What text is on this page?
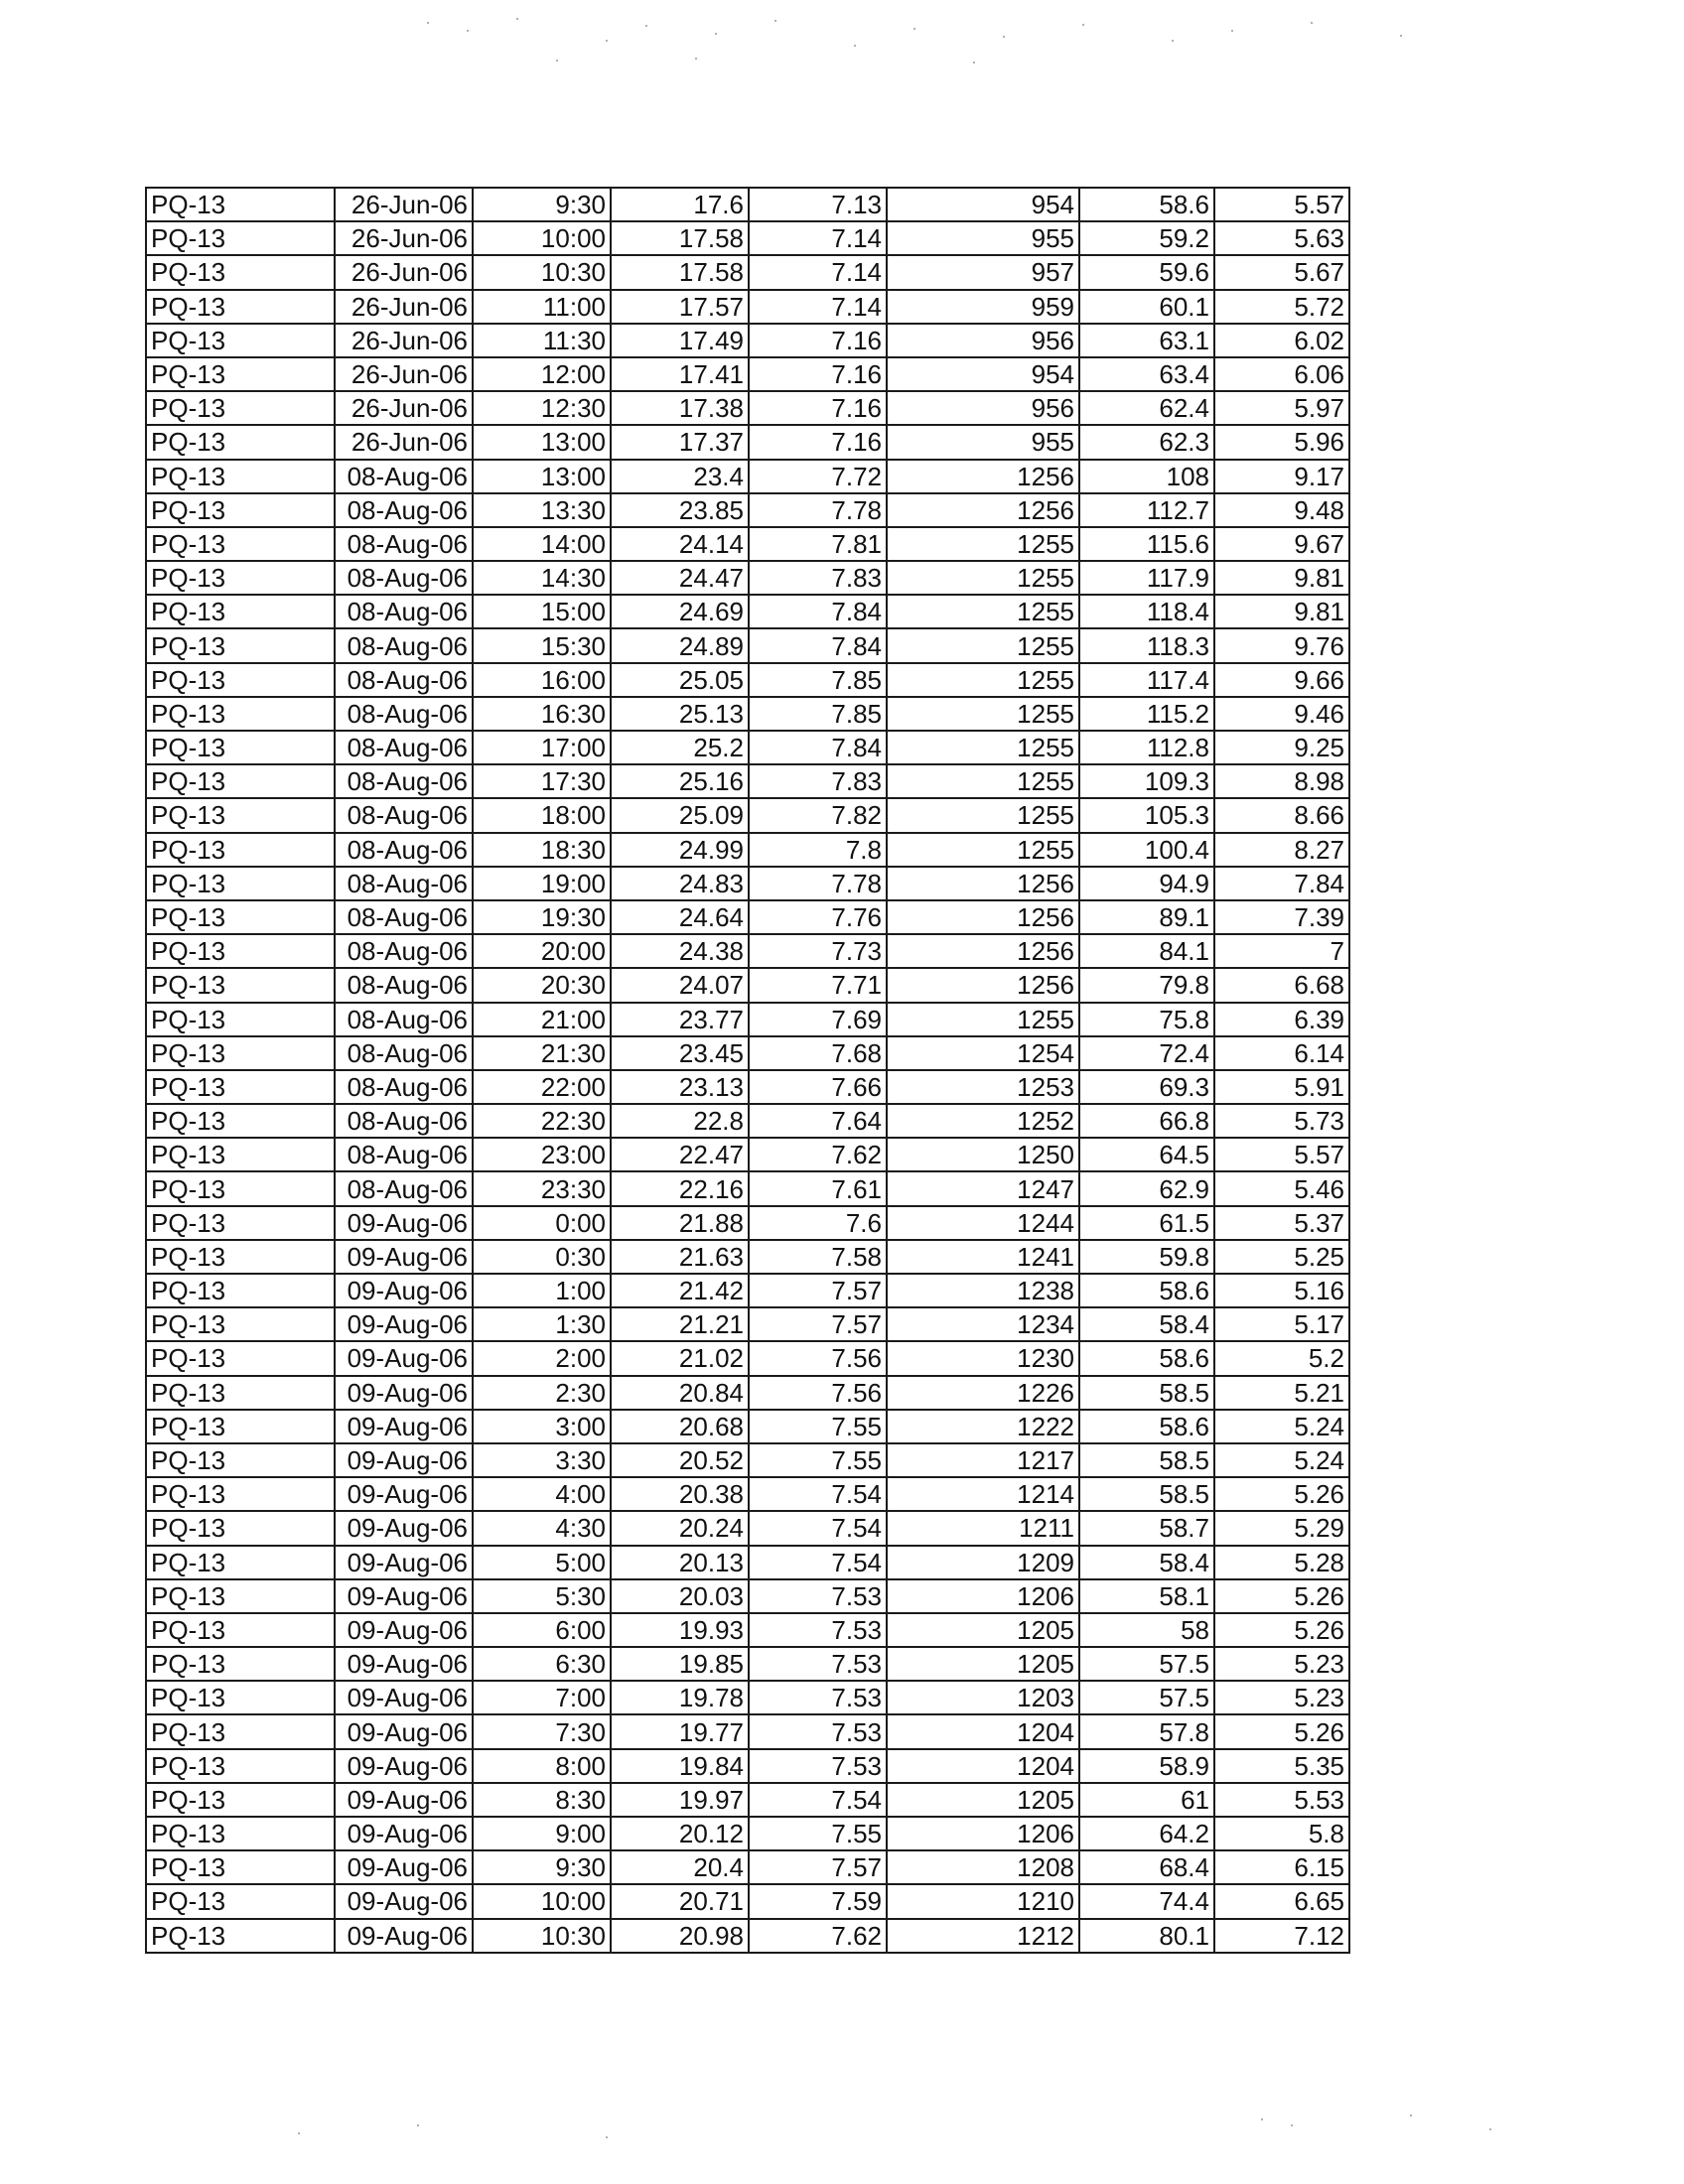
PQ-13	26-Jun-06	9:30	17.6	7.13	954	58.6	5.57
PQ-13	26-Jun-06	10:00	17.58	7.14	955	59.2	5.63
PQ-13	26-Jun-06	10:30	17.58	7.14	957	59.6	5.67
PQ-13	26-Jun-06	11:00	17.57	7.14	959	60.1	5.72
PQ-13	26-Jun-06	11:30	17.49	7.16	956	63.1	6.02
PQ-13	26-Jun-06	12:00	17.41	7.16	954	63.4	6.06
PQ-13	26-Jun-06	12:30	17.38	7.16	956	62.4	5.97
PQ-13	26-Jun-06	13:00	17.37	7.16	955	62.3	5.96
PQ-13	08-Aug-06	13:00	23.4	7.72	1256	108	9.17
PQ-13	08-Aug-06	13:30	23.85	7.78	1256	112.7	9.48
PQ-13	08-Aug-06	14:00	24.14	7.81	1255	115.6	9.67
PQ-13	08-Aug-06	14:30	24.47	7.83	1255	117.9	9.81
PQ-13	08-Aug-06	15:00	24.69	7.84	1255	118.4	9.81
PQ-13	08-Aug-06	15:30	24.89	7.84	1255	118.3	9.76
PQ-13	08-Aug-06	16:00	25.05	7.85	1255	117.4	9.66
PQ-13	08-Aug-06	16:30	25.13	7.85	1255	115.2	9.46
PQ-13	08-Aug-06	17:00	25.2	7.84	1255	112.8	9.25
PQ-13	08-Aug-06	17:30	25.16	7.83	1255	109.3	8.98
PQ-13	08-Aug-06	18:00	25.09	7.82	1255	105.3	8.66
PQ-13	08-Aug-06	18:30	24.99	7.8	1255	100.4	8.27
PQ-13	08-Aug-06	19:00	24.83	7.78	1256	94.9	7.84
PQ-13	08-Aug-06	19:30	24.64	7.76	1256	89.1	7.39
PQ-13	08-Aug-06	20:00	24.38	7.73	1256	84.1	7
PQ-13	08-Aug-06	20:30	24.07	7.71	1256	79.8	6.68
PQ-13	08-Aug-06	21:00	23.77	7.69	1255	75.8	6.39
PQ-13	08-Aug-06	21:30	23.45	7.68	1254	72.4	6.14
PQ-13	08-Aug-06	22:00	23.13	7.66	1253	69.3	5.91
PQ-13	08-Aug-06	22:30	22.8	7.64	1252	66.8	5.73
PQ-13	08-Aug-06	23:00	22.47	7.62	1250	64.5	5.57
PQ-13	08-Aug-06	23:30	22.16	7.61	1247	62.9	5.46
PQ-13	09-Aug-06	0:00	21.88	7.6	1244	61.5	5.37
PQ-13	09-Aug-06	0:30	21.63	7.58	1241	59.8	5.25
PQ-13	09-Aug-06	1:00	21.42	7.57	1238	58.6	5.16
PQ-13	09-Aug-06	1:30	21.21	7.57	1234	58.4	5.17
PQ-13	09-Aug-06	2:00	21.02	7.56	1230	58.6	5.2
PQ-13	09-Aug-06	2:30	20.84	7.56	1226	58.5	5.21
PQ-13	09-Aug-06	3:00	20.68	7.55	1222	58.6	5.24
PQ-13	09-Aug-06	3:30	20.52	7.55	1217	58.5	5.24
PQ-13	09-Aug-06	4:00	20.38	7.54	1214	58.5	5.26
PQ-13	09-Aug-06	4:30	20.24	7.54	1211	58.7	5.29
PQ-13	09-Aug-06	5:00	20.13	7.54	1209	58.4	5.28
PQ-13	09-Aug-06	5:30	20.03	7.53	1206	58.1	5.26
PQ-13	09-Aug-06	6:00	19.93	7.53	1205	58	5.26
PQ-13	09-Aug-06	6:30	19.85	7.53	1205	57.5	5.23
PQ-13	09-Aug-06	7:00	19.78	7.53	1203	57.5	5.23
PQ-13	09-Aug-06	7:30	19.77	7.53	1204	57.8	5.26
PQ-13	09-Aug-06	8:00	19.84	7.53	1204	58.9	5.35
PQ-13	09-Aug-06	8:30	19.97	7.54	1205	61	5.53
PQ-13	09-Aug-06	9:00	20.12	7.55	1206	64.2	5.8
PQ-13	09-Aug-06	9:30	20.4	7.57	1208	68.4	6.15
PQ-13	09-Aug-06	10:00	20.71	7.59	1210	74.4	6.65
PQ-13	09-Aug-06	10:30	20.98	7.62	1212	80.1	7.12
